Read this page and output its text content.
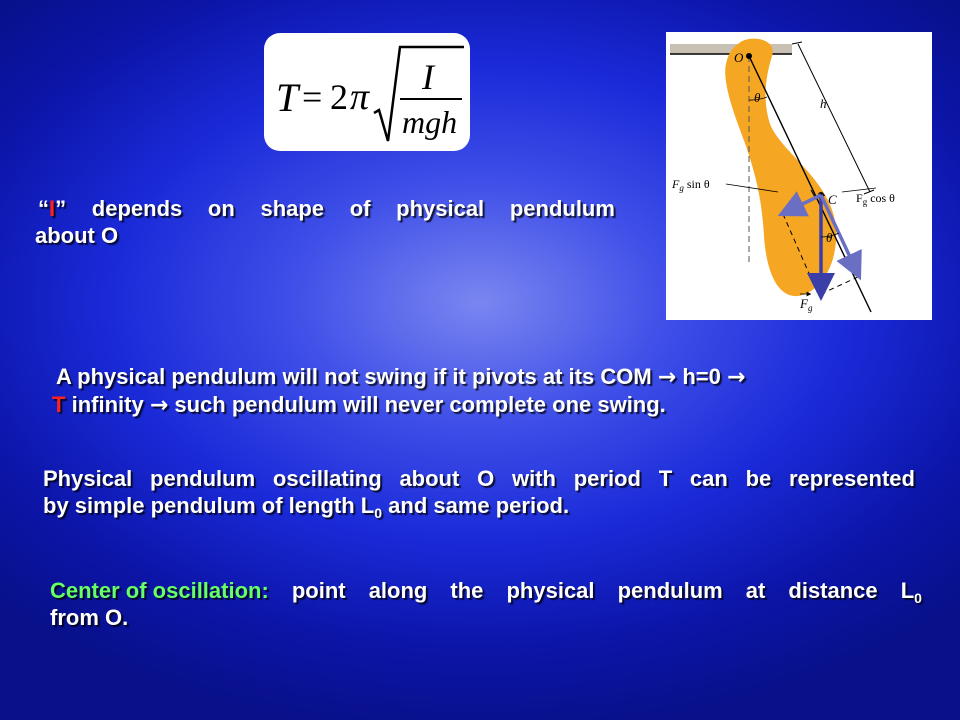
T = 2 π I
mgh
O
θ	h
C
$F_g$ sin θ
$F_g$ cos θ
θ
$F_g$
“I” depends on shape of physical pendulum
about O
A physical pendulum will not swing if it pivots at its COM → h=0 →
T infinity → such pendulum will never complete one swing.
Physical pendulum oscillating about O with period T can be represented
by simple pendulum of length $L_0$ and same period.
Center of oscillation: point along the physical pendulum at distance $L_0$
from O.
